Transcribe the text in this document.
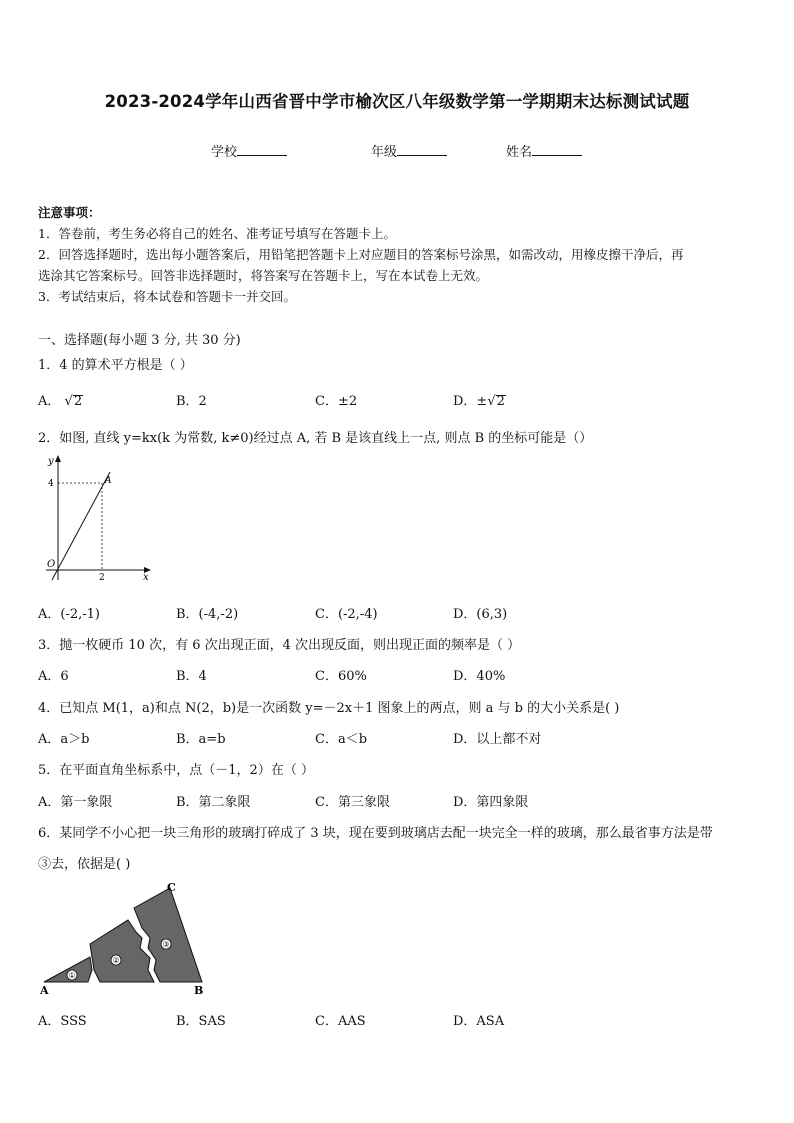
2023-2024学年山西省晋中学市榆次区八年级数学第一学期期末达标测试试题
学校	年级	姓名
注意事项：
1．答卷前，考生务必将自己的姓名、准考证号填写在答题卡上。
2．回答选择题时，选出每小题答案后，用铅笔把答题卡上对应题目的答案标号涂黑，如需改动，用橡皮擦干净后，再
选涂其它答案标号。回答非选择题时，将答案写在答题卡上，写在本试卷上无效。
3．考试结束后，将本试卷和答题卡一并交回。
一、选择题(每小题 3 分, 共 30 分)
1．4 的算术平方根是（ ）
A． √2	B．2	C．±2	D．±√2
2．如图, 直线 y=kx(k 为常数, k≠0)经过点 A, 若 B 是该直线上一点, 则点 B 的坐标可能是（）
y
x
O
A
4
2
A．(-2,-1)	B．(-4,-2)	C．(-2,-4)	D．(6,3)
3．抛一枚硬币 10 次，有 6 次出现正面，4 次出现反面，则出现正面的频率是（ ）
A．6	B．4	C．60%	D．40%
4．已知点 M(1，a)和点 N(2，b)是一次函数 y=－2x＋1 图象上的两点，则 a 与 b 的大小关系是( )
A．a＞b	B．a=b	C．a＜b	D．以上都不对
5．在平面直角坐标系中，点（－1，2）在（ ）
A．第一象限	B．第二象限	C．第三象限	D．第四象限
6．某同学不小心把一块三角形的玻璃打碎成了 3 块，现在要到玻璃店去配一块完全一样的玻璃，那么最省事方法是带
③去，依据是( )
①
②
③
A	B
C
A．SSS	B．SAS	C．AAS	D．ASA
